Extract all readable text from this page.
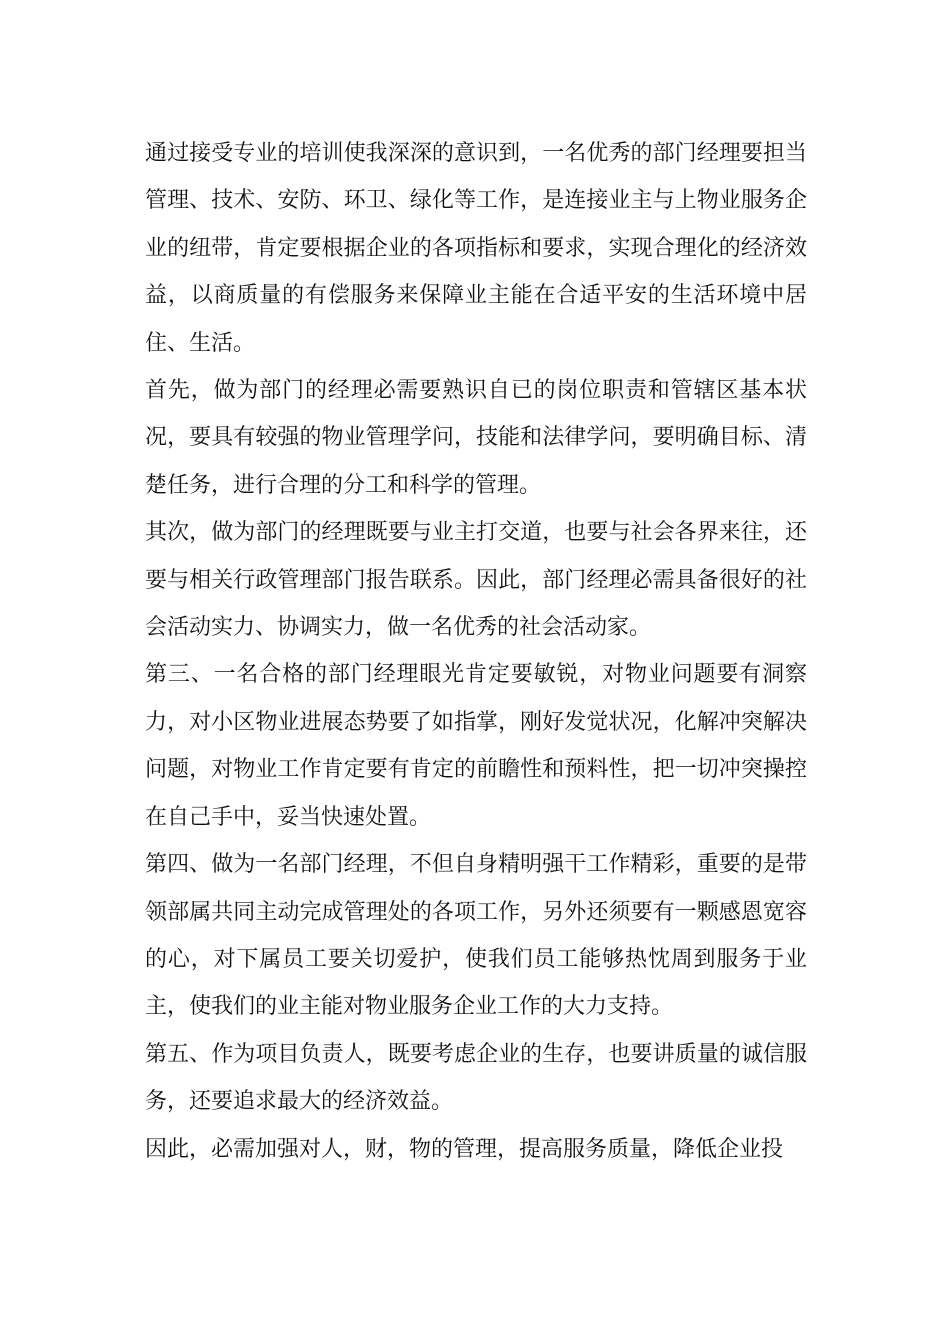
通过接受专业的培训使我深深的意识到，一名优秀的部门经理要担当管理、技术、安防、环卫、绿化等工作，是连接业主与上物业服务企业的纽带，肯定要根据企业的各项指标和要求，实现合理化的经济效益，以商质量的有偿服务来保障业主能在合适平安的生活环境中居住、生活。

首先，做为部门的经理必需要熟识自已的岗位职责和管辖区基本状况，要具有较强的物业管理学问，技能和法律学问，要明确目标、清楚任务，进行合理的分工和科学的管理。

其次，做为部门的经理既要与业主打交道，也要与社会各界来往，还要与相关行政管理部门报告联系。因此，部门经理必需具备很好的社会活动实力、协调实力，做一名优秀的社会活动家。

第三、一名合格的部门经理眼光肯定要敏锐，对物业问题要有洞察力，对小区物业进展态势要了如指掌，刚好发觉状况，化解冲突解决问题，对物业工作肯定要有肯定的前瞻性和预料性，把一切冲突操控在自己手中，妥当快速处置。

第四、做为一名部门经理，不但自身精明强干工作精彩，重要的是带领部属共同主动完成管理处的各项工作，另外还须要有一颗感恩宽容的心，对下属员工要关切爱护，使我们员工能够热忱周到服务于业主，使我们的业主能对物业服务企业工作的大力支持。

第五、作为项目负责人，既要考虑企业的生存，也要讲质量的诚信服务，还要追求最大的经济效益。

因此，必需加强对人，财，物的管理，提高服务质量，降低企业投
